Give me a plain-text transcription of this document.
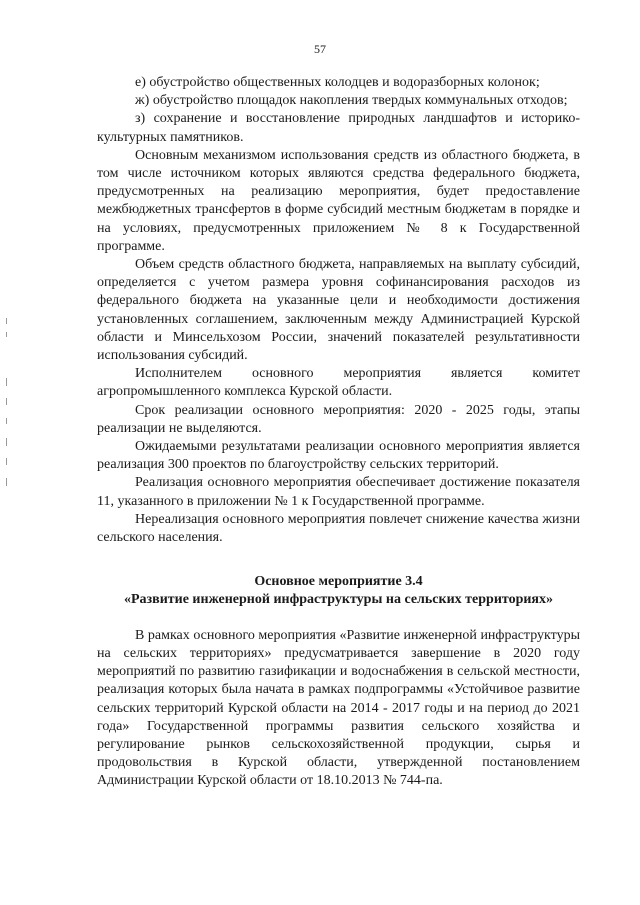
57

е) обустройство общественных колодцев и водоразборных колонок;

ж) обустройство площадок накопления твердых коммунальных отходов;

з) сохранение и восстановление природных ландшафтов и историко-культурных памятников.

Основным механизмом использования средств из областного бюджета, в том числе источником которых являются средства федерального бюджета, предусмотренных на реализацию мероприятия, будет предоставление межбюджетных трансфертов в форме субсидий местным бюджетам в порядке и на условиях, предусмотренных приложением № 8 к Государственной программе.

Объем средств областного бюджета, направляемых на выплату субсидий, определяется с учетом размера уровня софинансирования расходов из федерального бюджета на указанные цели и необходимости достижения установленных соглашением, заключенным между Администрацией Курской области и Минсельхозом России, значений показателей результативности использования субсидий.

Исполнителем основного мероприятия является комитет агропромышленного комплекса Курской области.

Срок реализации основного мероприятия: 2020 - 2025 годы, этапы реализации не выделяются.

Ожидаемыми результатами реализации основного мероприятия является реализация 300 проектов по благоустройству сельских территорий.

Реализация основного мероприятия обеспечивает достижение показателя 11, указанного в приложении № 1 к Государственной программе.

Нереализация основного мероприятия повлечет снижение качества жизни сельского населения.

Основное мероприятие 3.4
«Развитие инженерной инфраструктуры на сельских территориях»

В рамках основного мероприятия «Развитие инженерной инфраструктуры на сельских территориях» предусматривается завершение в 2020 году мероприятий по развитию газификации и водоснабжения в сельской местности, реализация которых была начата в рамках подпрограммы «Устойчивое развитие сельских территорий Курской области на 2014 - 2017 годы и на период до 2021 года» Государственной программы развития сельского хозяйства и регулирование рынков сельскохозяйственной продукции, сырья и продовольствия в Курской области, утвержденной постановлением Администрации Курской области от 18.10.2013 № 744-па.
